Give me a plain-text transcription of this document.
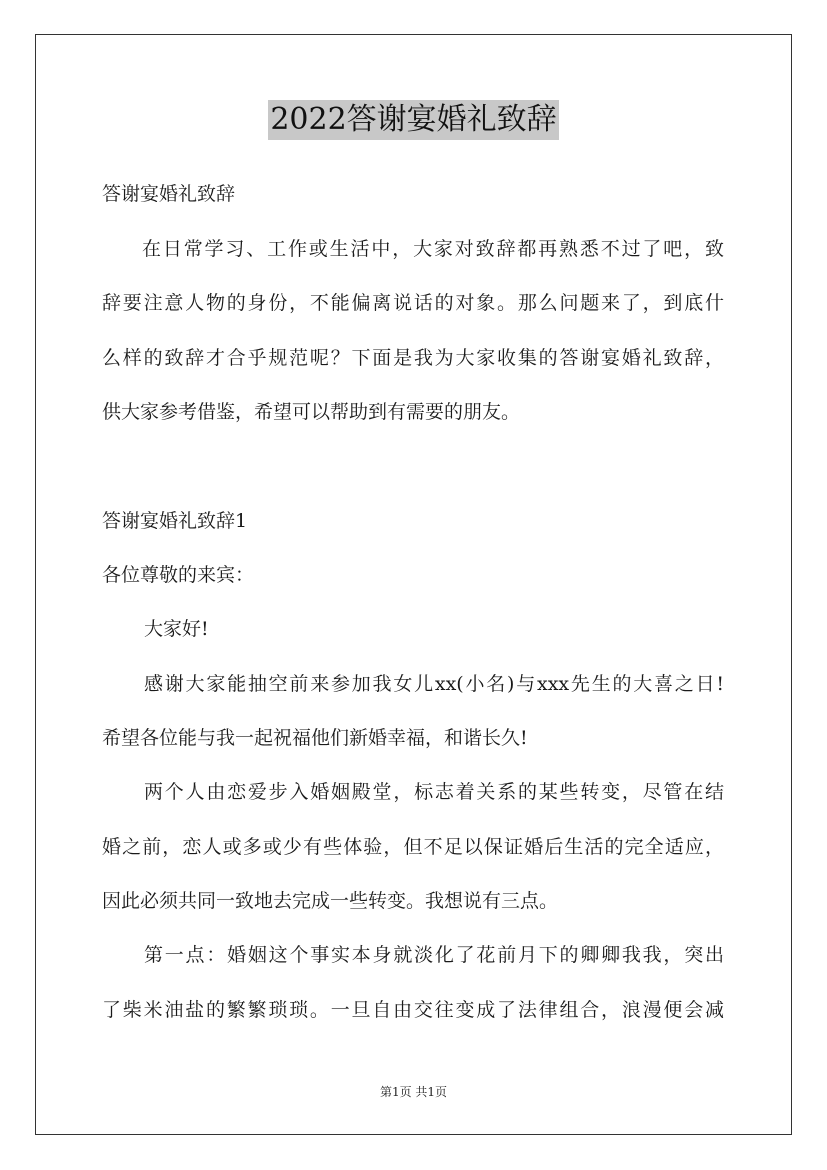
2022答谢宴婚礼致辞
答谢宴婚礼致辞
在日常学习、工作或生活中，大家对致辞都再熟悉不过了吧，致
辞要注意人物的身份，不能偏离说话的对象。那么问题来了，到底什
么样的致辞才合乎规范呢？下面是我为大家收集的答谢宴婚礼致辞，
供大家参考借鉴，希望可以帮助到有需要的朋友。
答谢宴婚礼致辞1
各位尊敬的来宾：
大家好!
感谢大家能抽空前来参加我女儿xx(小名)与xxx先生的大喜之日!
希望各位能与我一起祝福他们新婚幸福，和谐长久!
两个人由恋爱步入婚姻殿堂，标志着关系的某些转变，尽管在结
婚之前，恋人或多或少有些体验，但不足以保证婚后生活的完全适应，
因此必须共同一致地去完成一些转变。我想说有三点。
第一点：婚姻这个事实本身就淡化了花前月下的卿卿我我，突出
了柴米油盐的繁繁琐琐。一旦自由交往变成了法律组合，浪漫便会减
第1页 共1页
